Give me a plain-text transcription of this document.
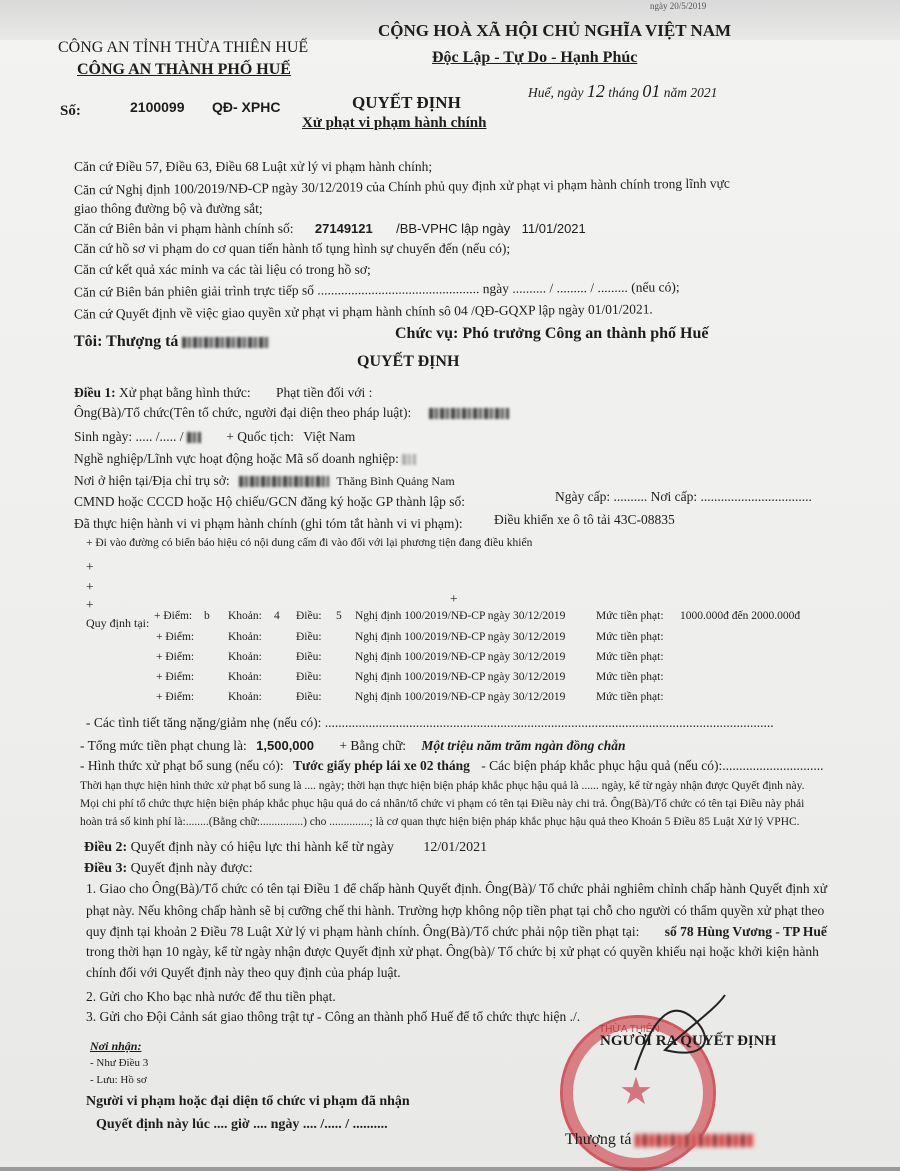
ngày 20/5/2019
CÔNG AN TỈNH THỪA THIÊN HUẾ
CÔNG AN THÀNH PHỐ HUẾ
CỘNG HOÀ XÃ HỘI CHỦ NGHĨA VIỆT NAM
Độc Lập - Tự Do - Hạnh Phúc
Huế, ngày 12 tháng 01 năm 2021
Số:	2100099 QĐ- XPHC	QUYẾT ĐỊNH
Xử phạt vi phạm hành chính
Căn cứ Điều 57, Điều 63, Điều 68 Luật xử lý vi phạm hành chính;
Căn cứ Nghị định 100/2019/NĐ-CP ngày 30/12/2019 của Chính phủ quy định xử phạt vi phạm hành chính trong lĩnh vực
giao thông đường bộ và đường sắt;
Căn cứ Biên bản vi phạm hành chính số: 27149121 /BB-VPHC lập ngày 11/01/2021
Căn cứ hồ sơ vi phạm do cơ quan tiến hành tố tụng hình sự chuyển đến (nếu có);
Căn cứ kết quả xác minh va các tài liệu có trong hồ sơ;
Căn cứ Biên bản phiên giải trình trực tiếp số ................................................ ngày .......... / ......... / ......... (nếu có);
Căn cứ Quyết định về việc giao quyền xử phạt vi phạm hành chính sô 04 /QĐ-GQXP lập ngày 01/01/2021.
Tôi: Thượng tá	Chức vụ: Phó trưởng Công an thành phố Huế
QUYẾT ĐỊNH
Điều 1: Xử phạt bằng hình thức: Phạt tiền đối với :
Ông(Bà)/Tổ chức(Tên tổ chức, người đại diện theo pháp luật):
Sinh ngày: ..... /..... /	+ Quốc tịch: Việt Nam
Nghề nghiệp/Lĩnh vực hoạt động hoặc Mã số doanh nghiệp:
Nơi ở hiện tại/Địa chỉ trụ sở:	Thăng Bình Quảng Nam
CMND hoặc CCCD hoặc Hộ chiếu/GCN đăng ký hoặc GP thành lập số:	Ngày cấp: .......... Nơi cấp: .................................
Đã thực hiện hành vi vi phạm hành chính (ghi tóm tắt hành vi vi phạm): Điều khiển xe ô tô tải 43C-08835
+ Đi vào đường có biển báo hiệu có nội dung cấm đi vào đối với lại phương tiện đang điều khiển
+
+
+	+
Quy định tại: + Điểm: b Khoản: 4 Điều: 5 Nghị định 100/2019/NĐ-CP ngày 30/12/2019	Mức tiền phạt: 1000.000đ đến 2000.000đ
+ Điểm:	Khoản:	Điều:	Nghị định 100/2019/NĐ-CP ngày 30/12/2019	Mức tiền phạt:
+ Điểm:	Khoản:	Điều:	Nghị định 100/2019/NĐ-CP ngày 30/12/2019	Mức tiền phạt:
+ Điểm:	Khoản:	Điều:	Nghị định 100/2019/NĐ-CP ngày 30/12/2019	Mức tiền phạt:
+ Điểm:	Khoản:	Điều:	Nghị định 100/2019/NĐ-CP ngày 30/12/2019	Mức tiền phạt:
- Các tình tiết tăng nặng/giảm nhẹ (nếu có): .....................................................................................................................................
- Tổng mức tiền phạt chung là: 1,500,000 + Bằng chữ: Một triệu năm trăm ngàn đồng chẵn
- Hình thức xử phạt bổ sung (nếu có): Tước giấy phép lái xe 02 tháng - Các biện pháp khắc phục hậu quả (nếu có):..............................
Thời hạn thực hiện hình thức xử phạt bổ sung là .... ngày; thời hạn thực hiện biện pháp khắc phục hậu quả là ...... ngày, kể từ ngày nhận được Quyết định này.
Mọi chi phí tổ chức thực hiện biện pháp khắc phục hậu quả do cá nhân/tổ chức vi phạm có tên tại Điều này chi trả. Ông(Bà)/Tổ chức có tên tại Điều này phải
hoàn trả số kinh phí là:........(Bằng chữ:...............) cho ..............; là cơ quan thực hiện biện pháp khắc phục hậu quả theo Khoản 5 Điều 85 Luật Xử lý VPHC.
Điều 2: Quyết định này có hiệu lực thi hành kể từ ngày 12/01/2021
Điều 3: Quyết định này được:
1. Giao cho Ông(Bà)/Tổ chức có tên tại Điều 1 để chấp hành Quyết định. Ông(Bà)/ Tổ chức phải nghiêm chỉnh chấp hành Quyết định xử
phạt này. Nếu không chấp hành sẽ bị cưỡng chế thi hành. Trường hợp không nộp tiền phạt tại chỗ cho người có thẩm quyền xử phạt theo
quy định tại khoản 2 Điều 78 Luật Xử lý vi phạm hành chính. Ông(Bà)/Tổ chức phải nộp tiền phạt tại: số 78 Hùng Vương - TP Huế
trong thời hạn 10 ngày, kể từ ngày nhận được Quyết định xử phạt. Ông(bà)/ Tổ chức bị xử phạt có quyền khiếu nại hoặc khởi kiện hành
chính đối với Quyết định này theo quy định của pháp luật.
2. Gửi cho Kho bạc nhà nước để thu tiền phạt.
3. Gửi cho Đội Cảnh sát giao thông trật tự - Công an thành phố Huế để tổ chức thực hiện ./.
Nơi nhận:
- Như Điều 3
- Lưu: Hồ sơ
Người vi phạm hoặc đại diện tổ chức vi phạm đã nhận
Quyết định này lúc .... giờ .... ngày .... /..... / ..........
THỪA THIÊN
★
NGƯỜI RA QUYẾT ĐỊNH
Thượng tá
